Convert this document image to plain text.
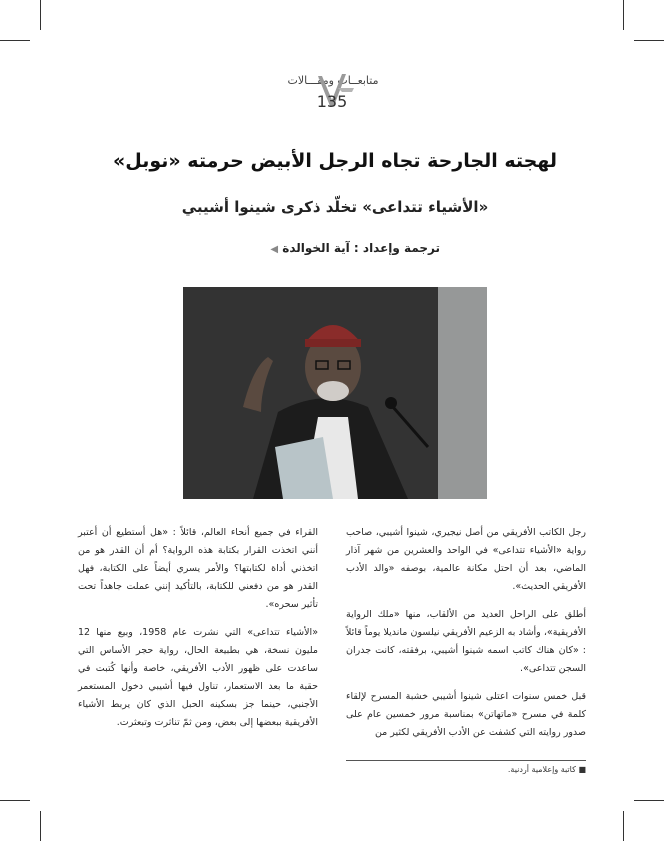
متابعــات وم‍قـــالات
135
لهجته الجارحة تجاه الرجل الأبيض حرمته «نوبل»
«الأشياء تتداعى» تخلّد ذكرى شينوا أشيبي
ترجمة وإعداد : آية الخوالدة ◀

رجل الكاتب الأفريقي من أصل نيجيري، شينوا أشيبي، صاحب رواية «الأشياء تتداعى» في الواحد والعشرين من شهر آذار الماضي، بعد أن احتل مكانة عالمية، بوصفه «والد الأدب الأفريقي الحديث».

أطلق على الراحل العديد من الألقاب، منها «ملك الرواية الأفريقية»، وأشاد به الزعيم الأفريقي نيلسون مانديلا يوماً قائلاً : «كان هناك كاتب اسمه شينوا أشيبي، برفقته، كانت جدران السجن تتداعى».

قبل خمس سنوات اعتلى شينوا أشيبي خشبة المسرح لإلقاء كلمة في مسرح «ماتهاتن» بمناسبة مرور خمسين عام على صدور روايته التي كشفت عن الأدب الأفريقي لكثير من

القراء في جميع أنحاء العالم، قائلاً : «هل أستطيع أن أعتبر أنني اتخذت القرار بكتابة هذه الرواية؟ أم أن القدر هو من اتخذني أداة لكتابتها؟ والأمر يسري أيضاً على الكتابة، فهل القدر هو من دفعني للكتابة، بالتأكيد إنني عملت جاهداً تحت تأثير سحره».

«الأشياء تتداعى» التي نشرت عام 1958، وبيع منها 12 مليون نسخة، هي بطبيعة الحال، رواية حجر الأساس التي ساعدت على ظهور الأدب الأفريقي، خاصة وأنها كُتبت في حقبة ما بعد الاستعمار، تناول فيها أشيبي دخول المستعمر الأجنبي، حينما جز بسكينه الحبل الذي كان يربط الأشياء الأفريقية ببعضها إلى بعض، ومن ثمّ تناثرت وتبعثرت.

■ كاتبة وإعلامية أردنية.
